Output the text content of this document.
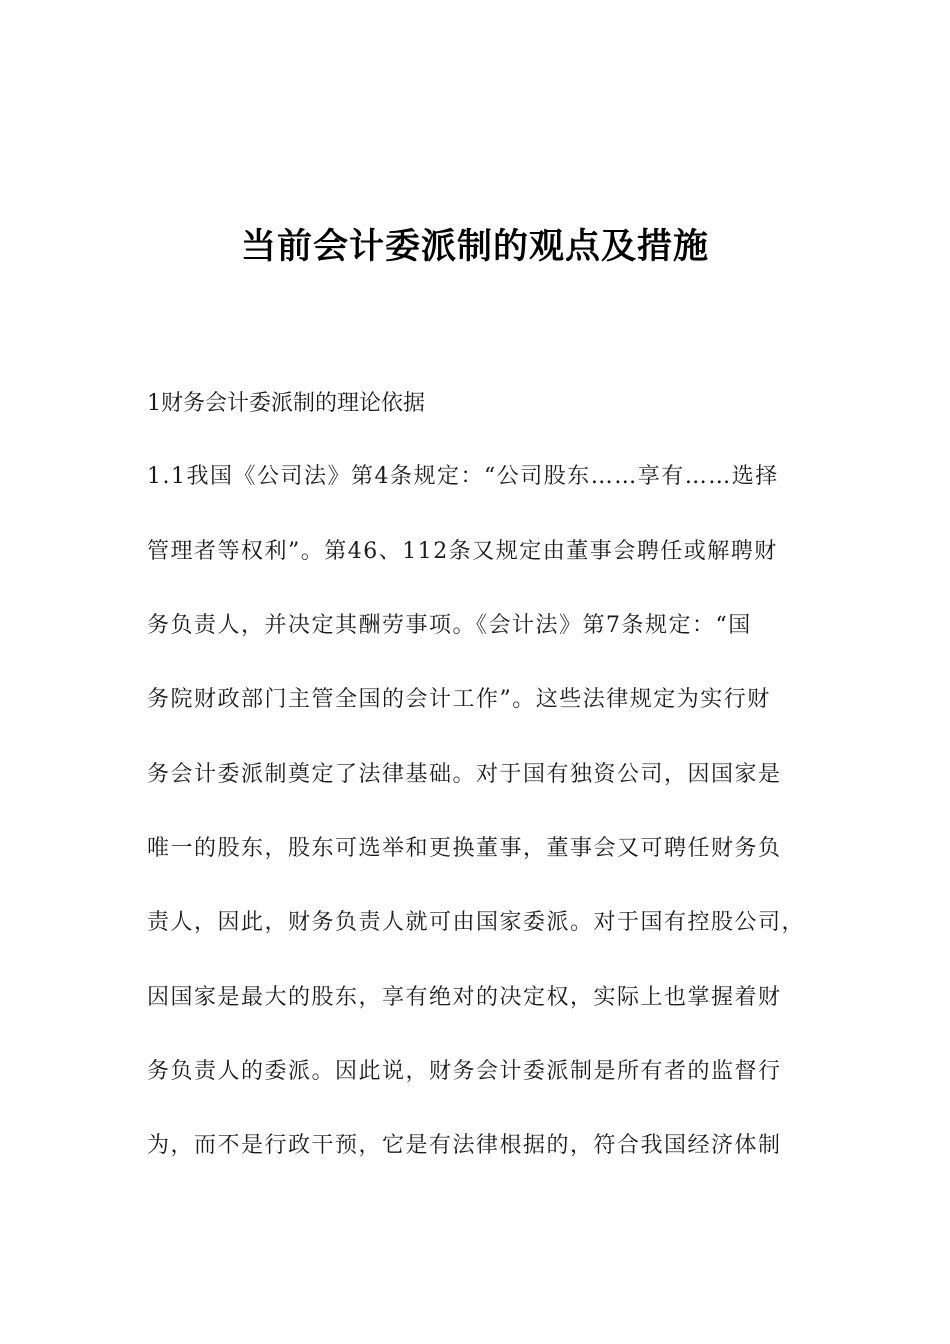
当前会计委派制的观点及措施
1财务会计委派制的理论依据
1.1我国《公司法》第4条规定：“公司股东……享有……选择
管理者等权利”。第46、112条又规定由董事会聘任或解聘财
务负责人，并决定其酬劳事项。《会计法》第7条规定：“国
务院财政部门主管全国的会计工作”。这些法律规定为实行财
务会计委派制奠定了法律基础。对于国有独资公司，因国家是
唯一的股东，股东可选举和更换董事，董事会又可聘任财务负
责人，因此，财务负责人就可由国家委派。对于国有控股公司，
因国家是最大的股东，享有绝对的决定权，实际上也掌握着财
务负责人的委派。因此说，财务会计委派制是所有者的监督行
为，而不是行政干预，它是有法律根据的，符合我国经济体制
